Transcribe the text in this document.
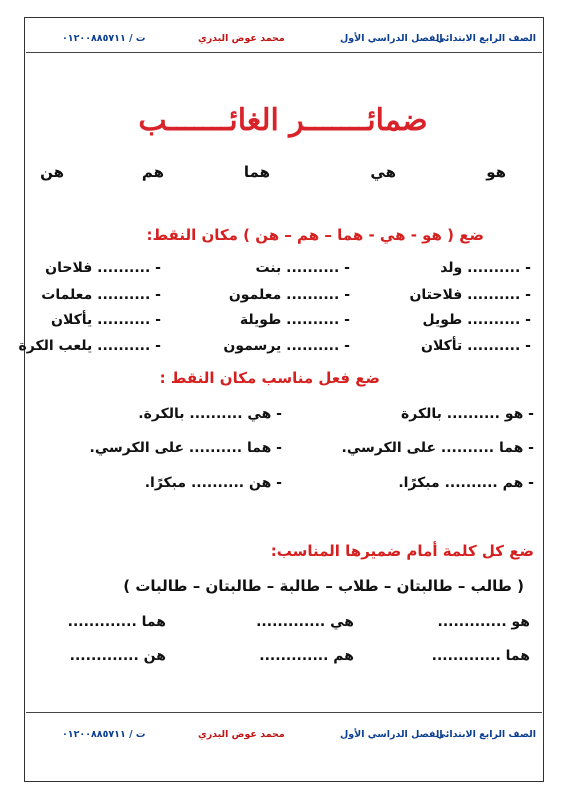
الصف الرابع الابتدائي
الفصل الدراسي الأول
محمد عوض البدري
ت / ٠١٢٠٠٨٨٥٧١١
ضمائـــــــر الغائـــــــب
هو
هي
هما
هم
هن
ضع ( هو - هي - هما – هم – هن ) مكان النقط:
- .......... ولد
- .......... بنت
- .......... فلاحان
- .......... فلاحتان
- .......... معلمون
- .......... معلمات
- .......... طويل
- .......... طويلة
- .......... يأكلان
- .......... تأكلان
- .......... يرسمون
- .......... يلعب الكرة
ضع فعل مناسب مكان النقط :
- هو .......... بالكرة
- هي .......... بالكرة.
- هما .......... على الكرسي.
- هما .......... على الكرسي.
- هم .......... مبكرًا.
- هن .......... مبكرًا.
ضع كل كلمة أمام ضميرها المناسب:
( طالب – طالبتان – طلاب – طالبة – طالبتان – طالبات )
هو .............
هي .............
هما .............
هما .............
هم .............
هن .............
الصف الرابع الابتدائي
الفصل الدراسي الأول
محمد عوض البدري
ت / ٠١٢٠٠٨٨٥٧١١
